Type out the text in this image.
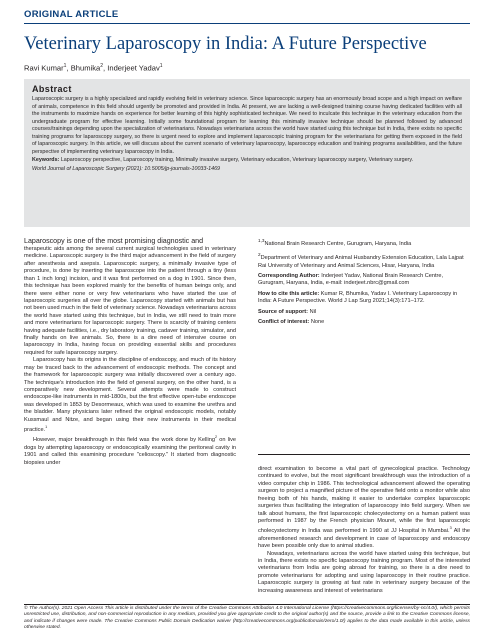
ORIGINAL ARTICLE
Veterinary Laparoscopy in India: A Future Perspective
Ravi Kumar$^1$, Bhumika$^2$, Inderjeet Yadav$^1$
Abstract

Laparoscopic surgery is a highly specialized and rapidly evolving field in veterinary science. Since laparoscopic surgery has an enormously broad scope and a high impact on welfare of animals, competence in this field should urgently be promoted and provided in India. At present, we are lacking a well-designed training course having dedicated facilities with all the instruments to maximize hands on experience for better learning of this highly sophisticated technique. We need to inculcate this technique in the veterinary education from the undergraduate program for effective learning. Initially some foundational program for learning this minimally invasive technique should be planned followed by advanced courses/trainings depending upon the specialization of veterinarians. Nowadays veterinarians across the world have started using this technique but in India, there exists no specific training programs for laparoscopy surgery, so there is urgent need to explore and implement laparoscopic training program for the veterinarians for getting them exposed in the field of laparoscopic surgery. In this article, we will discuss about the current scenario of veterinary laparoscopy, laparoscopy education and training programs availabilities, and the future perspective of implementing veterinary laparoscopy in India.

Keywords: Laparoscopy perspective, Laparoscopy training, Minimally invasive surgery, Veterinary education, Veterinary laparoscopy surgery, Veterinary surgery.

World Journal of Laparoscopic Surgery (2021): 10.5005/jp-journals-10033-1469

Laparoscopy is one of the most promising diagnostic and

therapeutic aids among the several current surgical technologies used in veterinary medicine. Laparoscopic surgery is the third major advancement in the field of surgery after anesthesia and asepsis. Laparoscopic surgery, a minimally invasive type of procedure, is done by inserting the laparoscope into the patient through a tiny (less than 1 inch long) incision, and it was first performed on a dog in 1901. Since then, this technique has been explored mainly for the benefits of human beings only, and there were either none or very few veterinarians who have started the use of laparoscopic surgeries all over the globe. Laparoscopy started with animals but has not been used much in the field of veterinary science. Nowadays veterinarians across the world have started using this technique, but in India, we still need to train more and more veterinarians for laparoscopic surgery. There is scarcity of training centers having adequate facilities, i.e., dry laboratory training, cadaver training, simulator, and finally hands on live animals. So, there is a dire need of intensive course on laparoscopy in India, having focus on providing essential skills and procedures required for safe laparoscopy surgery.

Laparoscopy has its origins in the discipline of endoscopy, and much of its history may be traced back to the advancement of endoscopic methods. The concept and the framework for laparoscopic surgery was initially discovered over a century ago. The technique's introduction into the field of general surgery, on the other hand, is a comparatively new development. Several attempts were made to construct endoscope-like instruments in mid-1800s, but the first effective open-tube endoscope was developed in 1853 by Desormeaux, which was used to examine the urethra and the bladder. Many physicians later refined the original endoscopic models, notably Kussmaul and Nitze, and began using their new instruments in their medical practice.$^1$

However, major breakthrough in this field was the work done by Kelling$^2$ on live dogs by attempting laparoscopy or endoscopically examining the peritoneal cavity in 1901 and called this examining procedure "celioscopy." It started from diagnostic biopsies under

$^{1,3}$National Brain Research Centre, Gurugram, Haryana, India

$^2$Department of Veterinary and Animal Husbandry Extension Education, Lala Lajpat Rai University of Veterinary and Animal Sciences, Hisar, Haryana, India

Corresponding Author: Inderjeet Yadav, National Brain Research Centre, Gurugram, Haryana, India, e-mail: inderjeet.nbrc@gmail.com

How to cite this article: Kumar R, Bhumika, Yadav I. Veterinary Laparoscopy in India: A Future Perspective. World J Lap Surg 2021;14(3):171–172.

Source of support: Nil

Conflict of interest: None

direct examination to become a vital part of gynecological practice. Technology continued to evolve, but the most significant breakthrough was the introduction of a video computer chip in 1986. This technological advancement allowed the operating surgeon to project a magnified picture of the operative field onto a monitor while also freeing both of his hands, making it easier to undertake complex laparoscopic surgeries thus facilitating the integration of laparoscopy into field surgery. When we talk about humans, the first laparoscopic cholecystectomy on a human patient was performed in 1987 by the French physician Mouret, while the first laparoscopic cholecystectomy in India was performed in 1990 at JJ Hospital in Mumbai.$^3$ All the aforementioned research and development in case of laparoscopy and endoscopy have been possible only due to animal studies.

Nowadays, veterinarians across the world have started using this technique, but in India, there exists no specific laparoscopy training program. Most of the interested veterinarians from India are going abroad for training, so there is a dire need to promote veterinarians for adopting and using laparoscopy in their routine practice. Laparoscopic surgery is growing at fast rate in veterinary surgery because of the increasing awareness and interest of veterinarians

© The Author(s). 2021 Open Access This article is distributed under the terms of the Creative Commons Attribution 4.0 International License (https://creativecommons.org/licenses/by-nc/4.0/), which permits unrestricted use, distribution, and non-commercial reproduction in any medium, provided you give appropriate credit to the original author(s) and the source, provide a link to the Creative Commons license, and indicate if changes were made. The Creative Commons Public Domain Dedication waiver (http://creativecommons.org/publicdomain/zero/1.0/) applies to the data made available in this article, unless otherwise stated.
